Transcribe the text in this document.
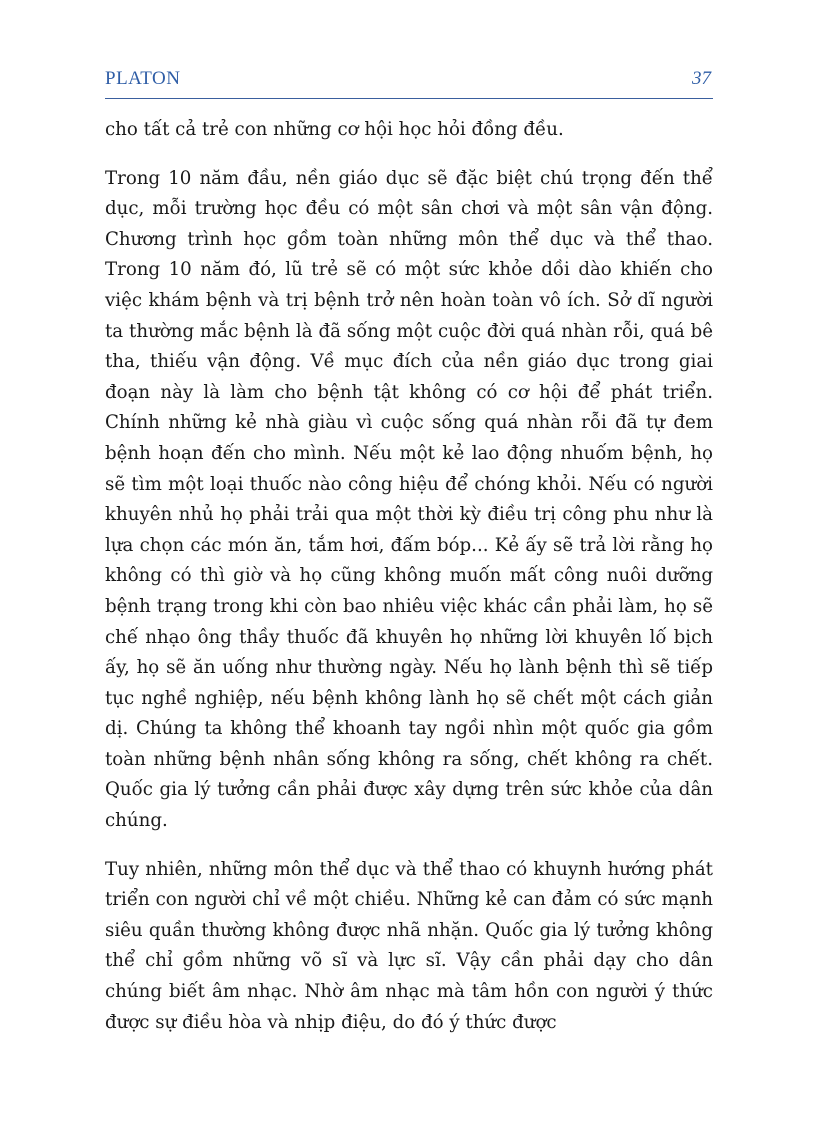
PLATON	37

cho tất cả trẻ con những cơ hội học hỏi đồng đều.

Trong 10 năm đầu, nền giáo dục sẽ đặc biệt chú trọng đến thể dục, mỗi trường học đều có một sân chơi và một sân vận động. Chương trình học gồm toàn những môn thể dục và thể thao. Trong 10 năm đó, lũ trẻ sẽ có một sức khỏe dồi dào khiến cho việc khám bệnh và trị bệnh trở nên hoàn toàn vô ích. Sở dĩ người ta thường mắc bệnh là đã sống một cuộc đời quá nhàn rỗi, quá bê tha, thiếu vận động. Về mục đích của nền giáo dục trong giai đoạn này là làm cho bệnh tật không có cơ hội để phát triển. Chính những kẻ nhà giàu vì cuộc sống quá nhàn rỗi đã tự đem bệnh hoạn đến cho mình. Nếu một kẻ lao động nhuốm bệnh, họ sẽ tìm một loại thuốc nào công hiệu để chóng khỏi. Nếu có người khuyên nhủ họ phải trải qua một thời kỳ điều trị công phu như là lựa chọn các món ăn, tắm hơi, đấm bóp... Kẻ ấy sẽ trả lời rằng họ không có thì giờ và họ cũng không muốn mất công nuôi dưỡng bệnh trạng trong khi còn bao nhiêu việc khác cần phải làm, họ sẽ chế nhạo ông thầy thuốc đã khuyên họ những lời khuyên lố bịch ấy, họ sẽ ăn uống như thường ngày. Nếu họ lành bệnh thì sẽ tiếp tục nghề nghiệp, nếu bệnh không lành họ sẽ chết một cách giản dị. Chúng ta không thể khoanh tay ngồi nhìn một quốc gia gồm toàn những bệnh nhân sống không ra sống, chết không ra chết. Quốc gia lý tưởng cần phải được xây dựng trên sức khỏe của dân chúng.

Tuy nhiên, những môn thể dục và thể thao có khuynh hướng phát triển con người chỉ về một chiều. Những kẻ can đảm có sức mạnh siêu quần thường không được nhã nhặn. Quốc gia lý tưởng không thể chỉ gồm những võ sĩ và lực sĩ. Vậy cần phải dạy cho dân chúng biết âm nhạc. Nhờ âm nhạc mà tâm hồn con người ý thức được sự điều hòa và nhịp điệu, do đó ý thức được
